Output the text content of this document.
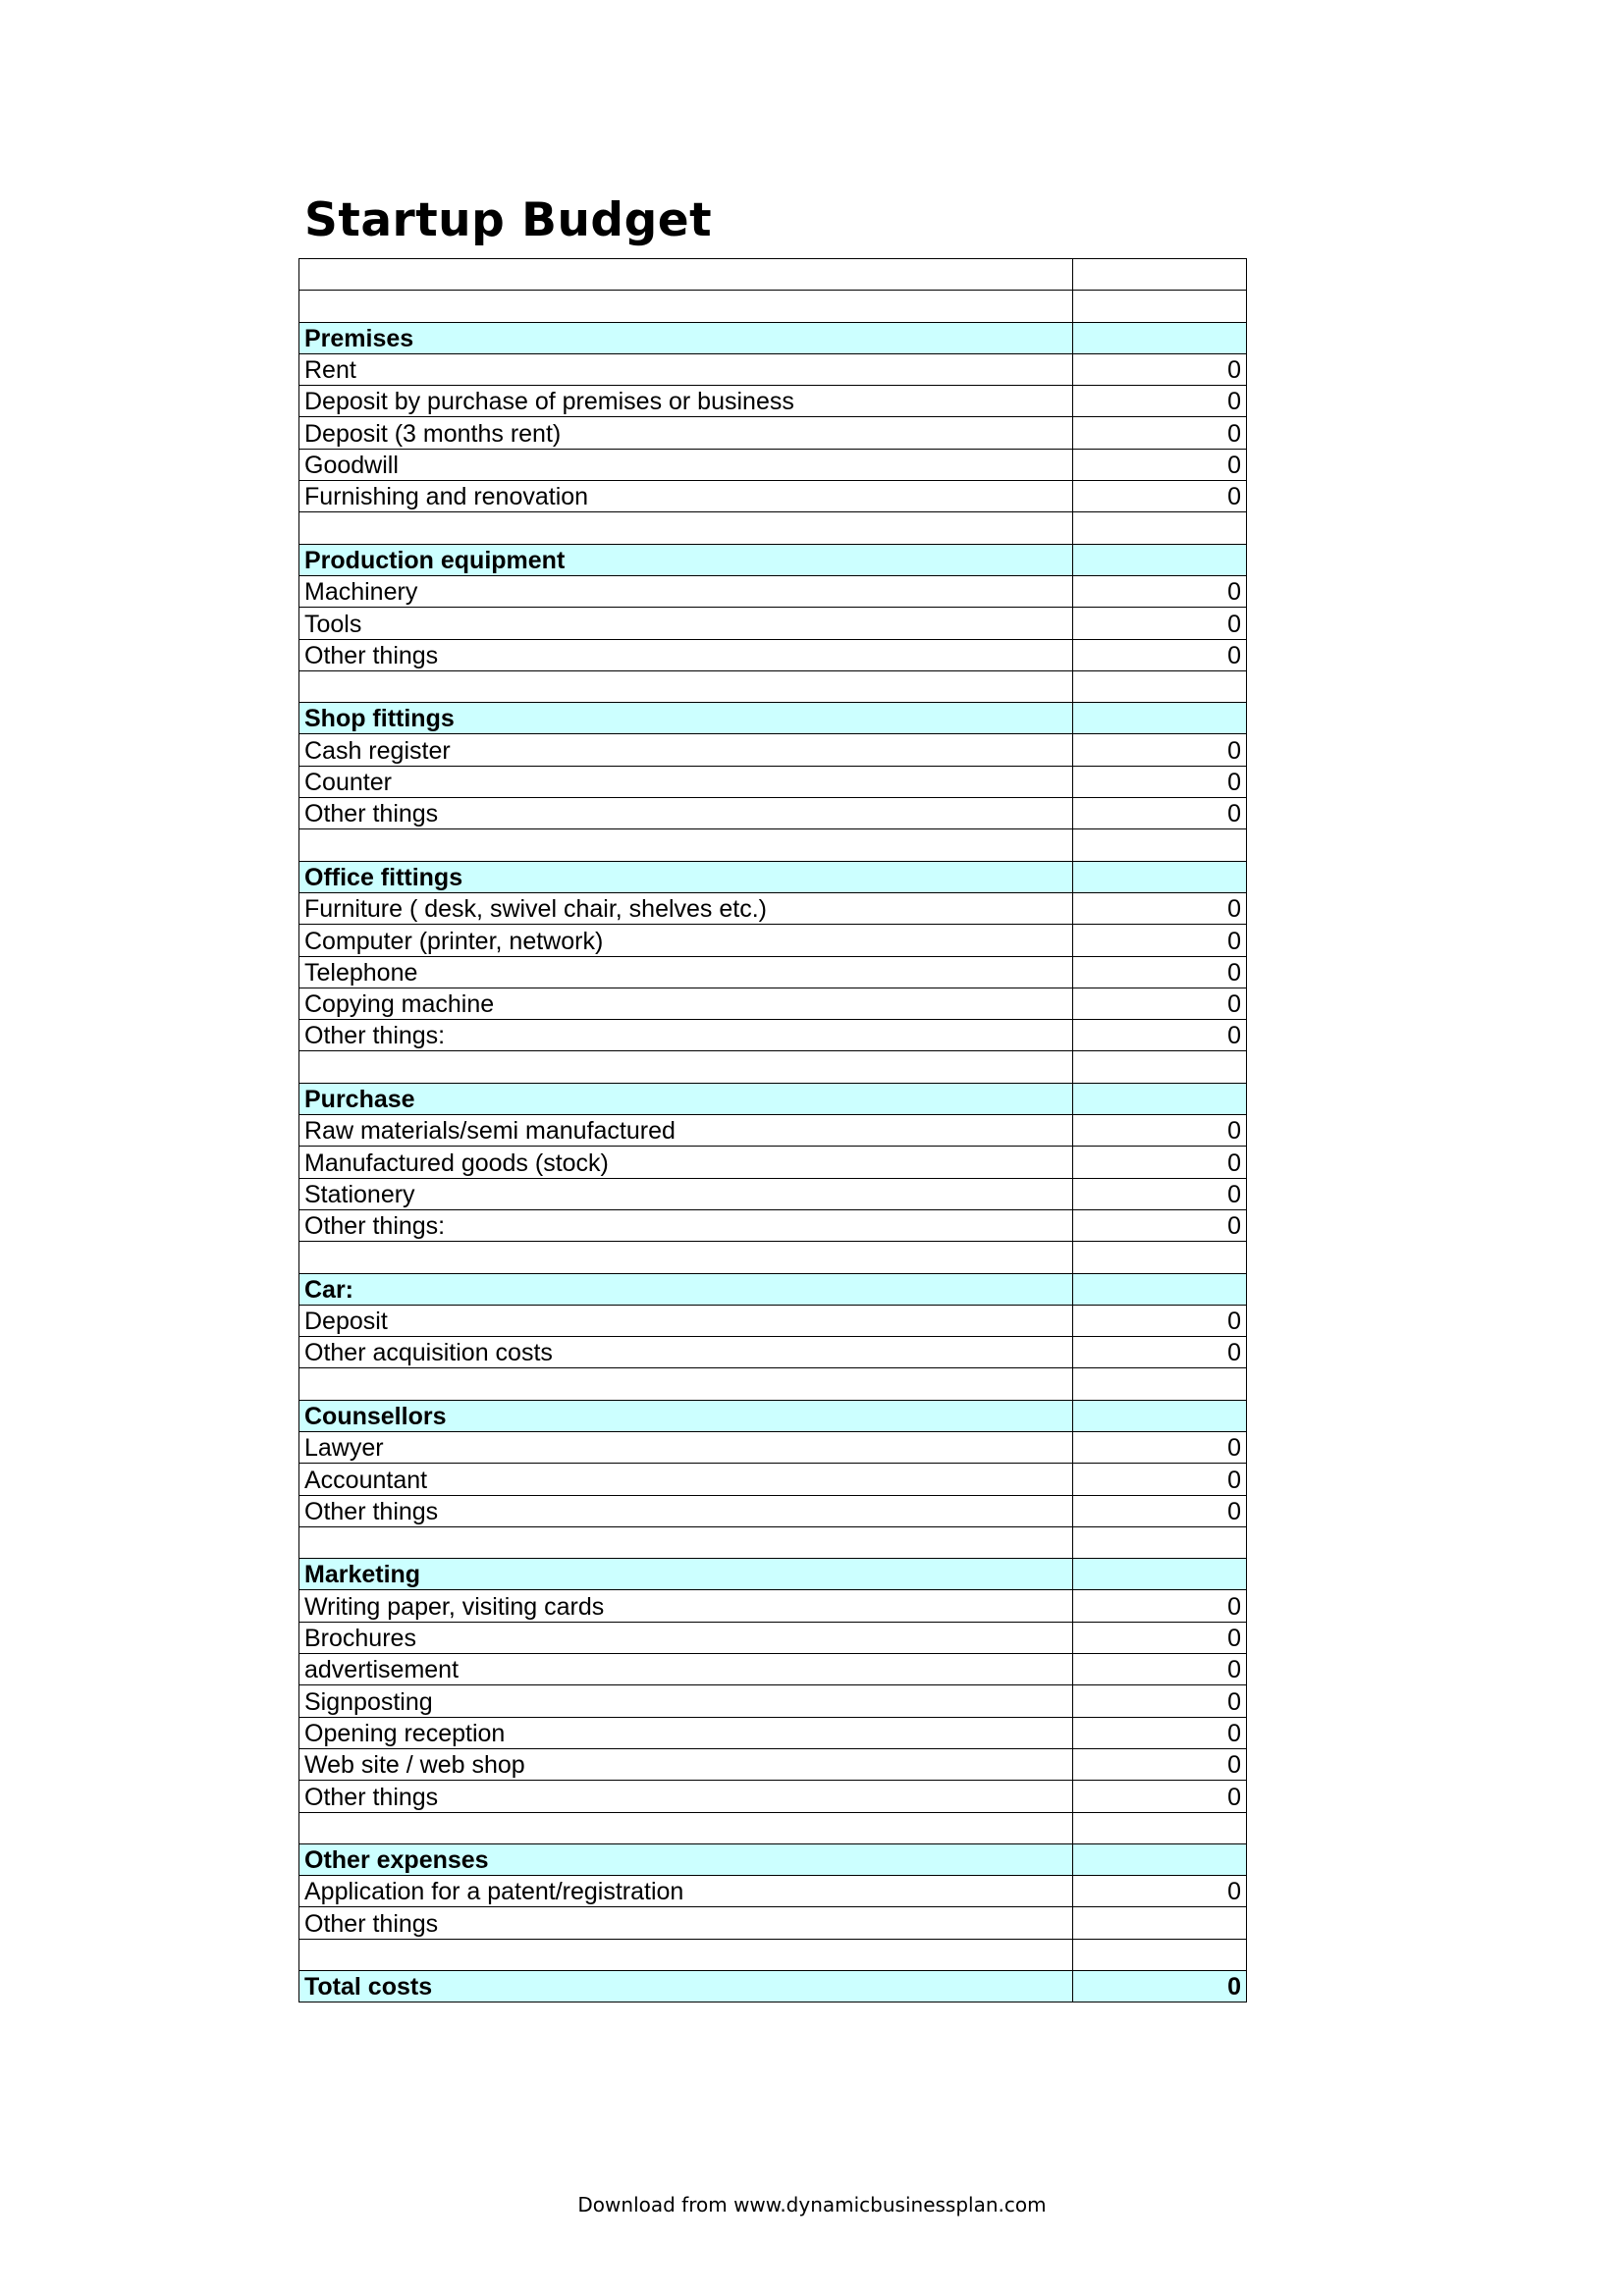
Startup Budget

Premises	
Rent	0
Deposit by purchase of premises or business	0
Deposit (3 months rent)	0
Goodwill	0
Furnishing and renovation	0

Production equipment	
Machinery	0
Tools	0
Other things	0

Shop fittings	
Cash register	0
Counter	0
Other things	0

Office fittings	
Furniture ( desk, swivel chair, shelves etc.)	0
Computer (printer, network)	0
Telephone	0
Copying machine	0
Other things:	0

Purchase	
Raw materials/semi manufactured	0
Manufactured goods (stock)	0
Stationery	0
Other things:	0

Car:	
Deposit	0
Other acquisition costs	0

Counsellors	
Lawyer	0
Accountant	0
Other things	0

Marketing	
Writing paper, visiting cards	0
Brochures	0
advertisement	0
Signposting	0
Opening reception	0
Web site / web shop	0
Other things	0

Other expenses	
Application for a patent/registration	0
Other things	

Total costs	0
Download from www.dynamicbusinessplan.com
